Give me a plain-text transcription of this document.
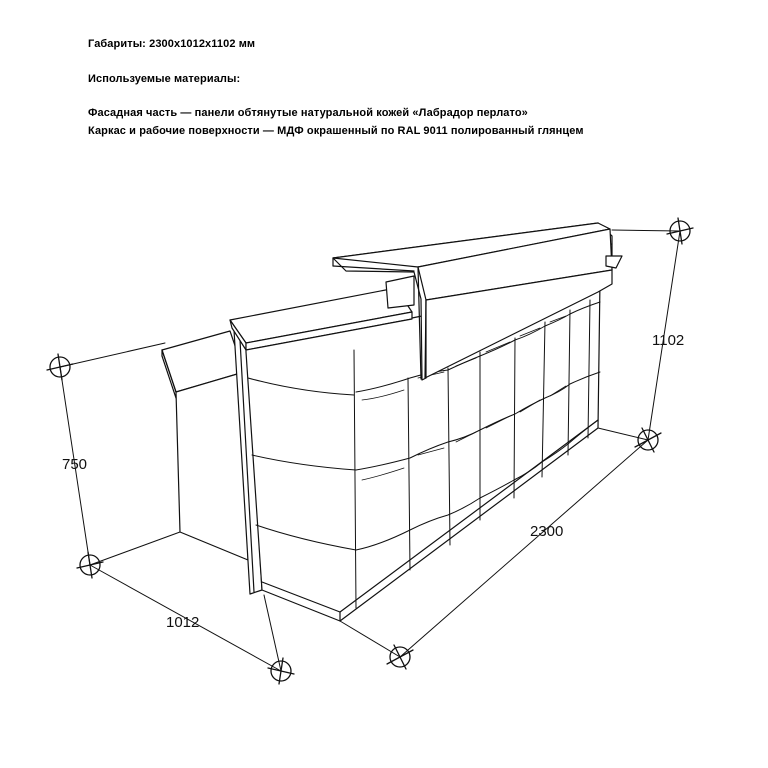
Габариты: 2300х1012х1102 мм
Используемые материалы:
Фасадная часть — панели обтянутые натуральной кожей «Лабрадор перлато»
Каркас и рабочие поверхности — МДФ окрашенный по RAL 9011 полированный глянцем
750
1102
1012
2300
